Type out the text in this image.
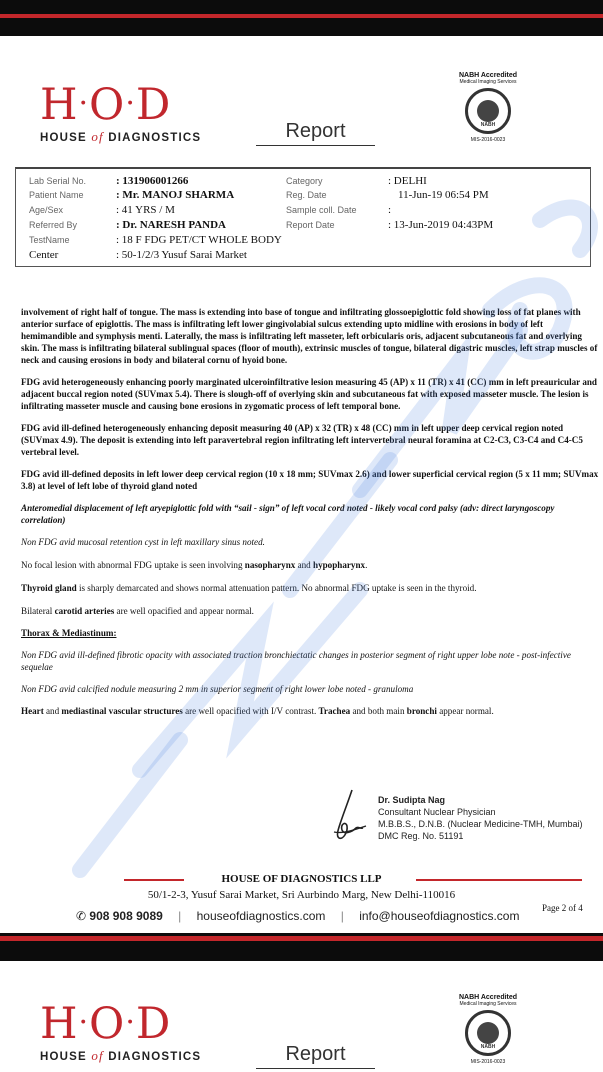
H·O·D
HOUSE of DIAGNOSTICS	Report
NABH Accredited
Medical Imaging Services
NABH
MIS-2016-0023
Lab Serial No.	: 131906001266	Category	: DELHI
Patient Name	: Mr. MANOJ SHARMA	Reg. Date	11-Jun-19 06:54 PM
Age/Sex	: 41 YRS / M	Sample coll. Date	:
Referred By	: Dr. NARESH PANDA	Report Date	: 13-Jun-2019 04:43PM
TestName	: 18 F FDG PET/CT WHOLE BODY
Center	: 50-1/2/3 Yusuf Sarai Market

involvement of right half of tongue. The mass is extending into base of tongue and infiltrating glossoepiglottic fold showing loss of fat planes with anterior surface of epiglottis. The mass is infiltrating left lower gingivolabial sulcus extending upto midline with erosions in body of left hemimandible and symphysis menti. Laterally, the mass is infiltrating left masseter, left orbicularis oris, adjacent subcutaneous fat and overlying skin. The mass is infiltrating bilateral sublingual spaces (floor of mouth), extrinsic muscles of tongue, bilateral digastric muscles, left strap muscles of neck and causing erosions in body and bilateral cornu of hyoid bone.

FDG avid heterogeneously enhancing poorly marginated ulceroinfiltrative lesion measuring 45 (AP) x 11 (TR) x 41 (CC) mm in left preauricular and adjacent buccal region noted (SUVmax 5.4). There is slough-off of overlying skin and subcutaneous fat with exposed masseter muscle. The lesion is infiltrating masseter muscle and causing bone erosions in zygomatic process of left temporal bone.

FDG avid ill-defined heterogeneously enhancing deposit measuring 40 (AP) x 32 (TR) x 48 (CC) mm in left upper deep cervical region noted (SUVmax 4.9). The deposit is extending into left paravertebral region infiltrating left intervertebral neural foramina at C2-C3, C3-C4 and C4-C5 vertebral level.

FDG avid ill-defined deposits in left lower deep cervical region (10 x 18 mm; SUVmax 2.6) and lower superficial cervical region (5 x 11 mm; SUVmax 3.8) at level of left lobe of thyroid gland noted

Anteromedial displacement of left aryepiglottic fold with “sail - sign” of left vocal cord noted - likely vocal cord palsy (adv: direct laryngoscopy correlation)

Non FDG avid mucosal retention cyst in left maxillary sinus noted.

No focal lesion with abnormal FDG uptake is seen involving nasopharynx and hypopharynx.

Thyroid gland is sharply demarcated and shows normal attenuation pattern. No abnormal FDG uptake is seen in the thyroid.

Bilateral carotid arteries are well opacified and appear normal.

Thorax & Mediastinum:

Non FDG avid ill-defined fibrotic opacity with associated traction bronchiectatic changes in posterior segment of right upper lobe note - post-infective sequelae

Non FDG avid calcified nodule measuring 2 mm in superior segment of right lower lobe noted - granuloma

Heart and mediastinal vascular structures are well opacified with I/V contrast. Trachea and both main bronchi appear normal.

Dr. Sudipta Nag
Consultant Nuclear Physician
M.B.B.S., D.N.B. (Nuclear Medicine-TMH, Mumbai)
DMC Reg. No. 51191
HOUSE OF DIAGNOSTICS LLP
50/1-2-3, Yusuf Sarai Market, Sri Aurbindo Marg, New Delhi-110016
✆ 908 908 9089 | houseofdiagnostics.com | info@houseofdiagnostics.com
Page 2 of 4
H·O·D
HOUSE of DIAGNOSTICS	Report
NABH Accredited
Medical Imaging Services
NABH
MIS-2016-0023
